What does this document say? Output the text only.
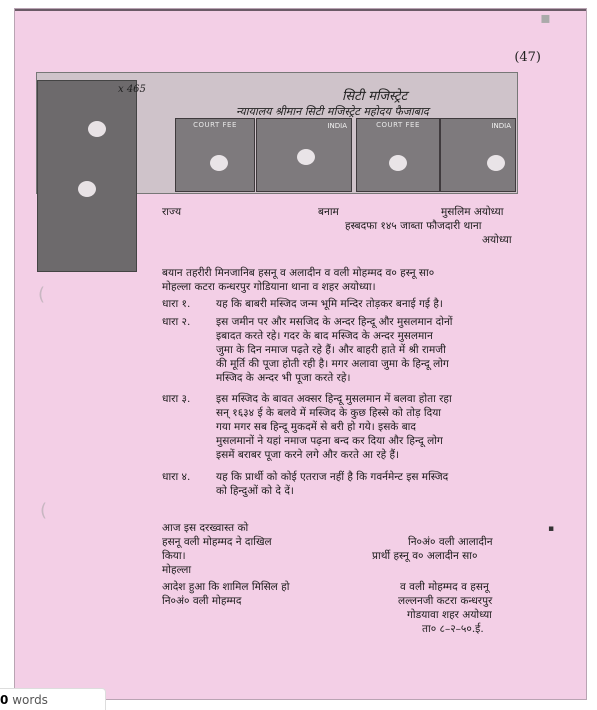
▪
(47)
COURT FEE	INDIA	COURT FEE	INDIA
x 465	सिटी मजिस्ट्रेट
न्यायालय श्रीमान सिटी मजिस्ट्रेट महोदय फैजाबाद
राज्य	बनाम	मुसलिम अयोध्या
हस्बदफा १४५ जाब्ता फौजदारी थाना
अयोध्या
बयान तहरीरी मिनजानिब हसनू व अलादीन व वली मोहम्मद व० हस्नू सा०
मोहल्ला कटरा कन्धरपुर गोडियाना थाना व शहर अयोध्या।
धारा १. यह कि बाबरी मस्जिद जन्म भूमि मन्दिर तोड़कर बनाई गई है।
धारा २. इस जमीन पर और मसजिद के अन्दर हिन्दू और मुसलमान दोनों
इबादत करते रहे। गदर के बाद मस्जिद के अन्दर मुसलमान
जुमा के दिन नमाज पढ़ते रहे हैं। और बाहरी हाते में श्री रामजी
की मूर्ति की पूजा होती रही है। मगर अलावा जुमा के हिन्दू लोग
मस्जिद के अन्दर भी पूजा करते रहे।
धारा ३. इस मस्जिद के बावत अक्सर हिन्दू मुसलमान में बलवा होता रहा
सन् १६३४ ई के बलवे में मस्जिद के कुछ हिस्से को तोड़ दिया
गया मगर सब हिन्दू मुकदमें से बरी हो गये। इसके बाद
मुसलमानों ने यहां नमाज पढ़ना बन्द कर दिया और हिन्दू लोग
इसमें बराबर पूजा करने लगे और करते आ रहे हैं।
धारा ४. यह कि प्रार्थी को कोई एतराज नहीं है कि गवर्नमेन्ट इस मस्जिद
को हिन्दुओं को दे दें।
आज इस दरख्वास्त को
हसनू वली मोहम्मद ने दाखिल
किया।
मोहल्ला
आदेश हुआ कि शामिल मिसिल हो
नि०अं० वली मोहम्मद
नि०अं० वली आलादीन
प्रार्थी हस्नू व० अलादीन सा०
व वली मोहम्मद व हसनू
लल्लनजी कटरा कन्धरपुर
गोडयावा शहर अयोध्या
ता० ८–२–५०.ई.
(
(
▪
0 words
